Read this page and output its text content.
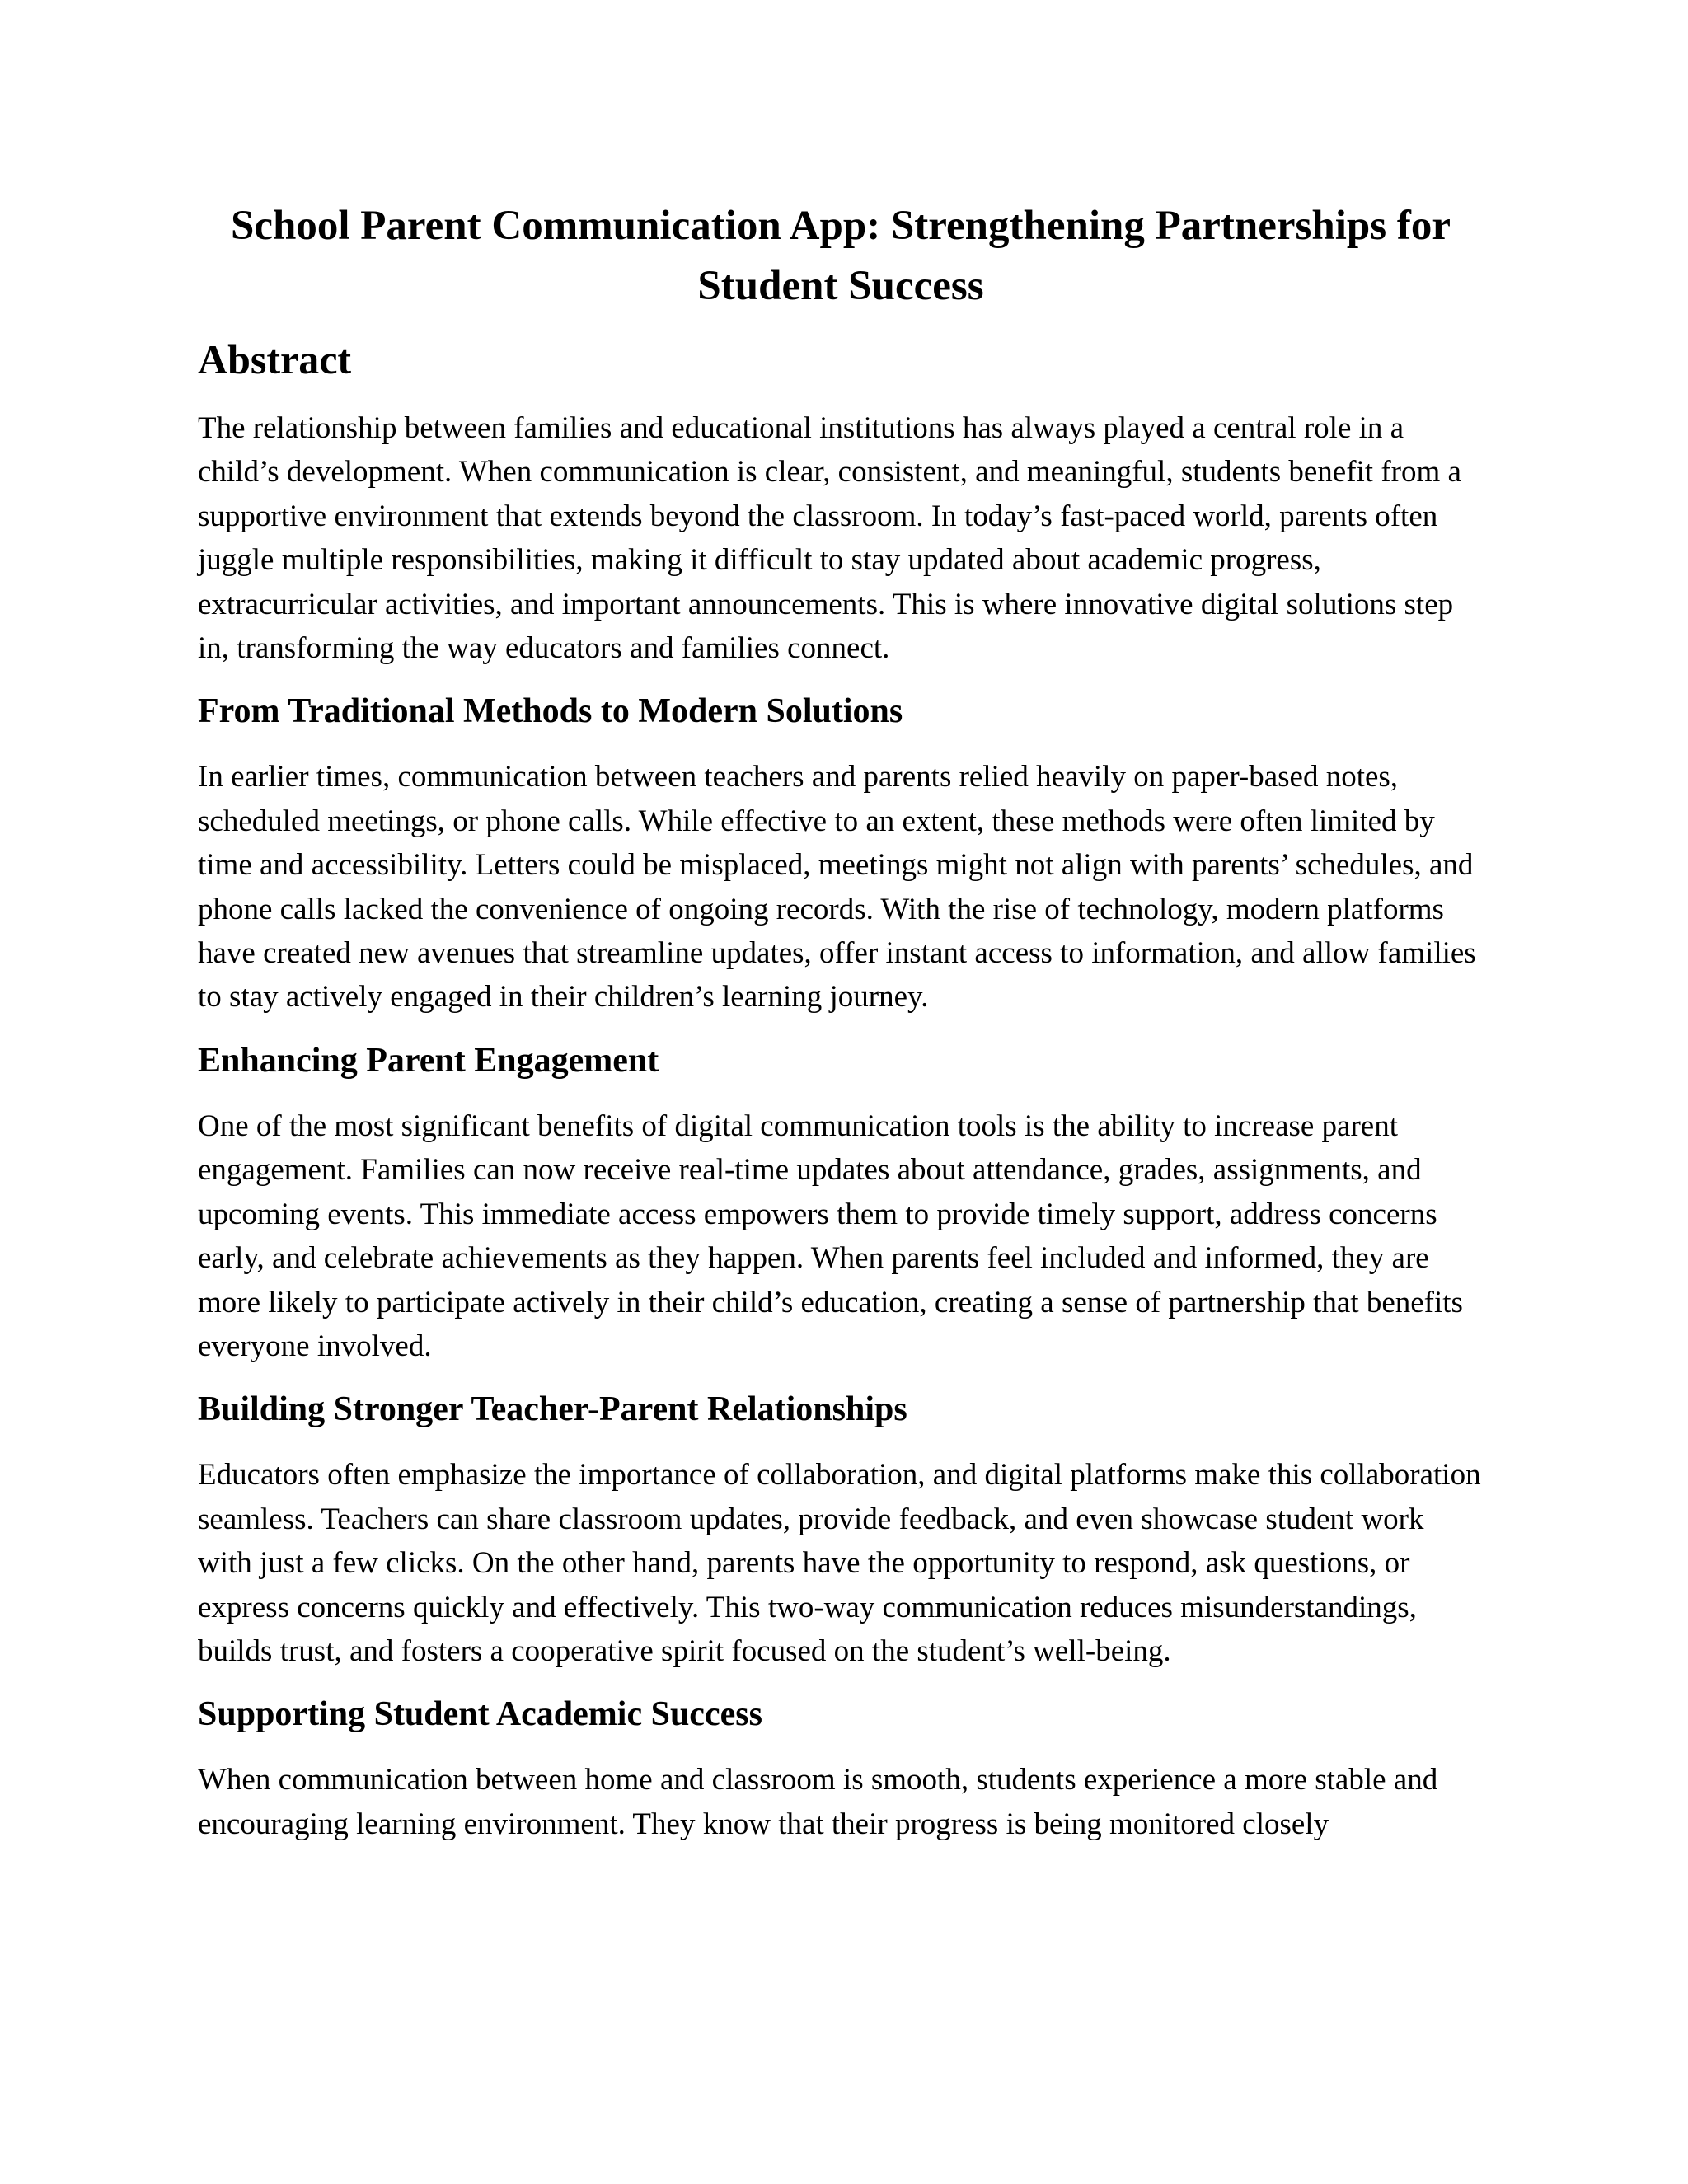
School Parent Communication App: Strengthening Partnerships for Student Success
Abstract

The relationship between families and educational institutions has always played a central role in a child’s development. When communication is clear, consistent, and meaningful, students benefit from a supportive environment that extends beyond the classroom. In today’s fast-paced world, parents often juggle multiple responsibilities, making it difficult to stay updated about academic progress, extracurricular activities, and important announcements. This is where innovative digital solutions step in, transforming the way educators and families connect.

From Traditional Methods to Modern Solutions

In earlier times, communication between teachers and parents relied heavily on paper-based notes, scheduled meetings, or phone calls. While effective to an extent, these methods were often limited by time and accessibility. Letters could be misplaced, meetings might not align with parents’ schedules, and phone calls lacked the convenience of ongoing records. With the rise of technology, modern platforms have created new avenues that streamline updates, offer instant access to information, and allow families to stay actively engaged in their children’s learning journey.

Enhancing Parent Engagement

One of the most significant benefits of digital communication tools is the ability to increase parent engagement. Families can now receive real-time updates about attendance, grades, assignments, and upcoming events. This immediate access empowers them to provide timely support, address concerns early, and celebrate achievements as they happen. When parents feel included and informed, they are more likely to participate actively in their child’s education, creating a sense of partnership that benefits everyone involved.

Building Stronger Teacher-Parent Relationships

Educators often emphasize the importance of collaboration, and digital platforms make this collaboration seamless. Teachers can share classroom updates, provide feedback, and even showcase student work with just a few clicks. On the other hand, parents have the opportunity to respond, ask questions, or express concerns quickly and effectively. This two-way communication reduces misunderstandings, builds trust, and fosters a cooperative spirit focused on the student’s well-being.

Supporting Student Academic Success

When communication between home and classroom is smooth, students experience a more stable and encouraging learning environment. They know that their progress is being monitored closely
